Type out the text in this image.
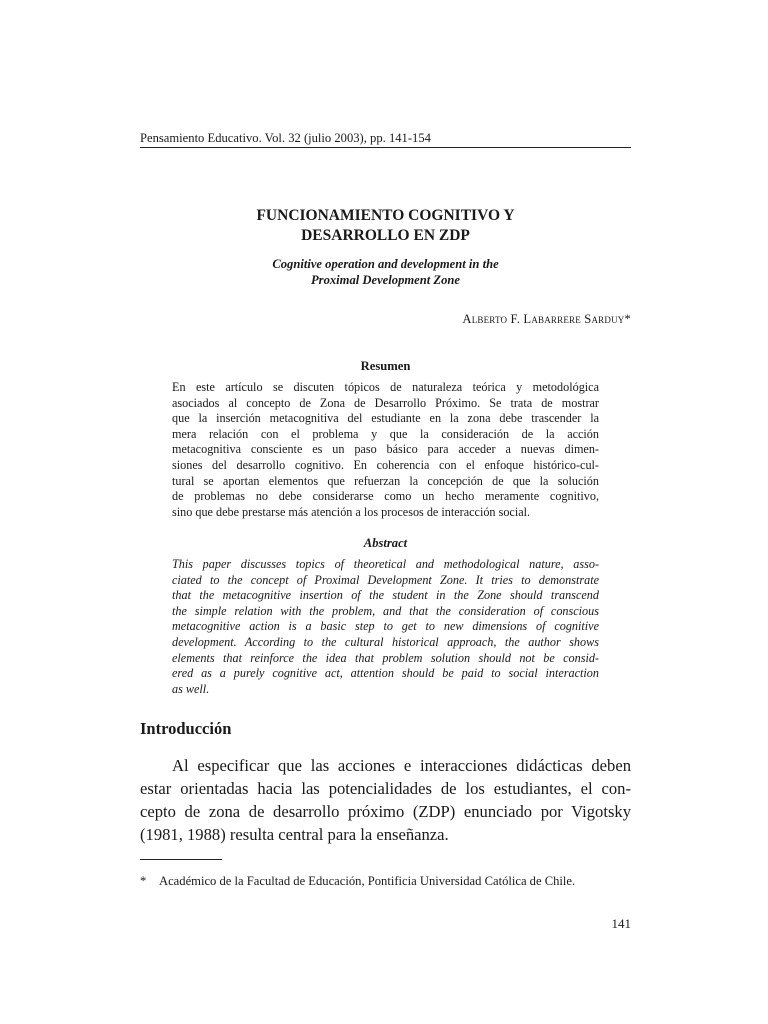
Pensamiento Educativo. Vol. 32 (julio 2003), pp. 141-154
FUNCIONAMIENTO COGNITIVO Y
DESARROLLO EN ZDP
Cognitive operation and development in the
Proximal Development Zone
Alberto F. Labarrere Sarduy*
Resumen
En este artículo se discuten tópicos de naturaleza teórica y metodológica
asociados al concepto de Zona de Desarrollo Próximo. Se trata de mostrar
que la inserción metacognitiva del estudiante en la zona debe trascender la
mera relación con el problema y que la consideración de la acción
metacognitiva consciente es un paso básico para acceder a nuevas dimen-
siones del desarrollo cognitivo. En coherencia con el enfoque histórico-cul-
tural se aportan elementos que refuerzan la concepción de que la solución
de problemas no debe considerarse como un hecho meramente cognitivo,
sino que debe prestarse más atención a los procesos de interacción social.
Abstract
This paper discusses topics of theoretical and methodological nature, asso-
ciated to the concept of Proximal Development Zone. It tries to demonstrate
that the metacognitive insertion of the student in the Zone should transcend
the simple relation with the problem, and that the consideration of conscious
metacognitive action is a basic step to get to new dimensions of cognitive
development. According to the cultural historical approach, the author shows
elements that reinforce the idea that problem solution should not be consid-
ered as a purely cognitive act, attention should be paid to social interaction
as well.
Introducción
Al especificar que las acciones e interacciones didácticas deben
estar orientadas hacia las potencialidades de los estudiantes, el con-
cepto de zona de desarrollo próximo (ZDP) enunciado por Vigotsky
(1981, 1988) resulta central para la enseñanza.
* Académico de la Facultad de Educación, Pontificia Universidad Católica de Chile.
141
